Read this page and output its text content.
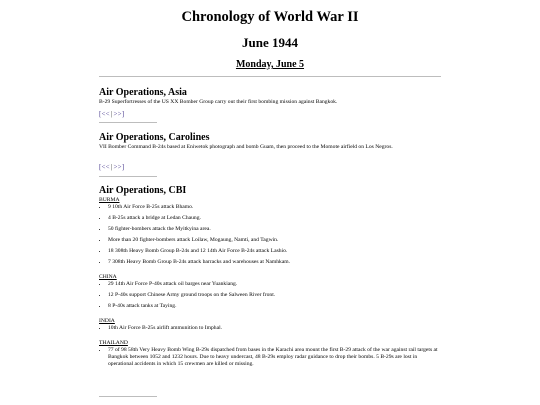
Chronology of World War II
June 1944
Monday, June 5

Air Operations, Asia

B-29 Superfortresses of the US XX Bomber Group carry out their first bombing mission against Bangkok.

[<<|>>]

Air Operations, Carolines

VII Bomber Command B-24s based at Eniwetok photograph and bomb Guam, then proceed to the Momote airfield on Los Negros.

[<<|>>]

Air Operations, CBI

BURMA

• 9 10th Air Force B-25s attack Bhamo.
• 4 B-25s attack a bridge at Ledan Chaung.
• 50 fighter-bombers attack the Myitkyina area.
• More than 20 fighter-bombers attack Loilaw, Mogaung, Namti, and Tagwin.
• 18 308th Heavy Bomb Group B-24s and 12 14th Air Force B-24s attack Lashio.
• 7 308th Heavy Bomb Group B-24s attack barracks and warehouses at Namhkam.

CHINA

• 29 14th Air Force P-40s attack oil barges near Yuankiang.
• 12 P-40s support Chinese Army ground troops on the Salween River front.
• 8 P-40s attack tanks at Taying.

INDIA

• 10th Air Force B-25s airlift ammunition to Imphal.

THAILAND

• 77 of 98 58th Very Heavy Bomb Wing B-29s dispatched from bases in the Karachi area mount the first B-29 attack of the war against rail targets at Bangkok between 1052 and 1232 hours. Due to heavy undercast, 48 B-29s employ radar guidance to drop their bombs. 5 B-29s are lost in operational accidents in which 15 crewmen are killed or missing.
